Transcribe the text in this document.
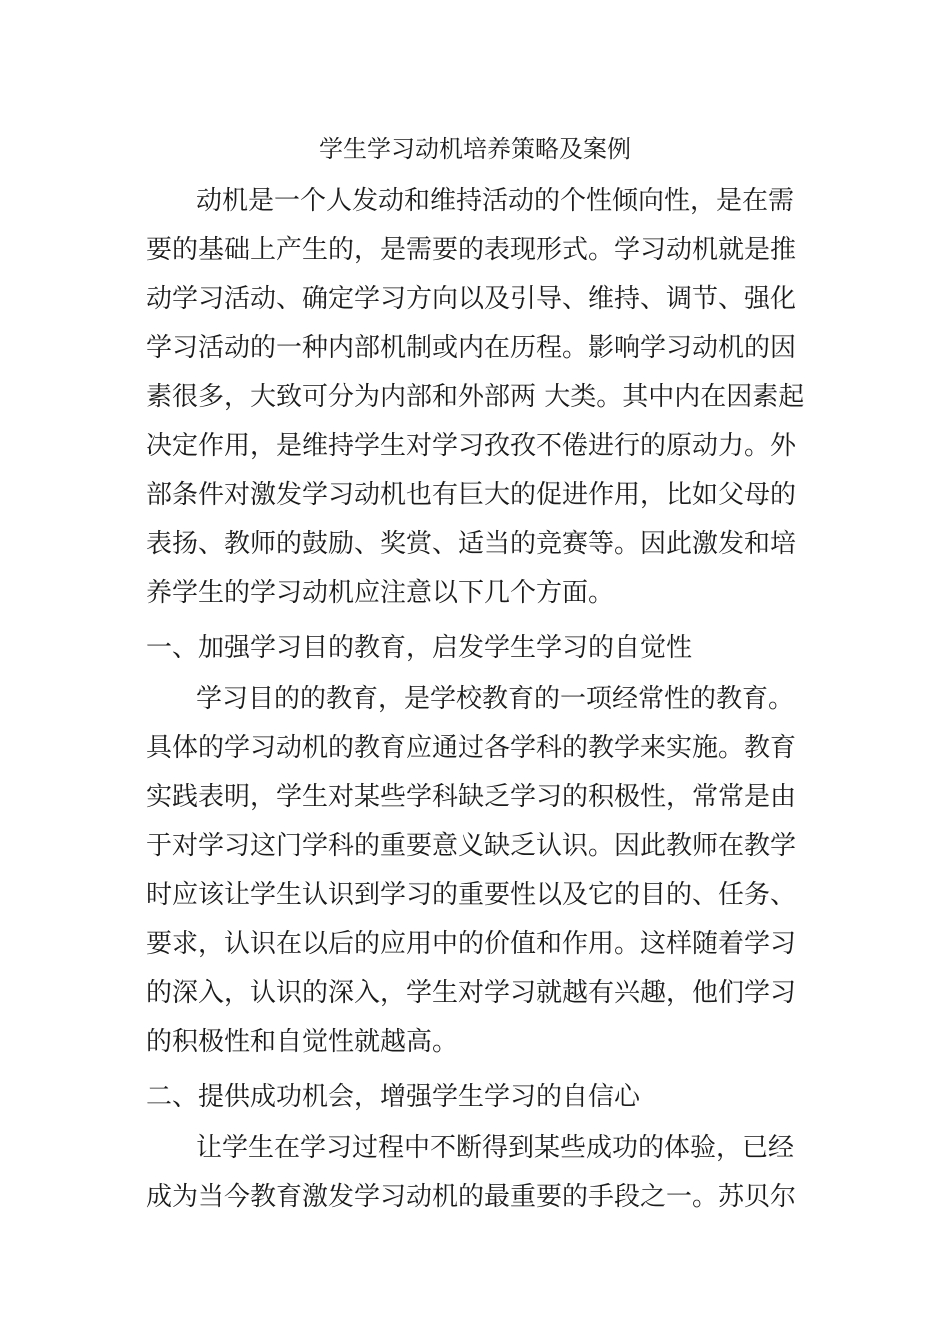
学生学习动机培养策略及案例
动机是一个人发动和维持活动的个性倾向性，是在需
要的基础上产生的，是需要的表现形式。学习动机就是推
动学习活动、确定学习方向以及引导、维持、调节、强化
学习活动的一种内部机制或内在历程。影响学习动机的因
素很多，大致可分为内部和外部两 大类。其中内在因素起
决定作用，是维持学生对学习孜孜不倦进行的原动力。外
部条件对激发学习动机也有巨大的促进作用，比如父母的
表扬、教师的鼓励、奖赏、适当的竞赛等。因此激发和培
养学生的学习动机应注意以下几个方面。
一、加强学习目的教育，启发学生学习的自觉性
学习目的的教育，是学校教育的一项经常性的教育。
具体的学习动机的教育应通过各学科的教学来实施。教育
实践表明，学生对某些学科缺乏学习的积极性，常常是由
于对学习这门学科的重要意义缺乏认识。因此教师在教学
时应该让学生认识到学习的重要性以及它的目的、任务、
要求，认识在以后的应用中的价值和作用。这样随着学习
的深入，认识的深入，学生对学习就越有兴趣，他们学习
的积极性和自觉性就越高。
二、提供成功机会，增强学生学习的自信心
让学生在学习过程中不断得到某些成功的体验，已经
成为当今教育激发学习动机的最重要的手段之一。苏贝尔
